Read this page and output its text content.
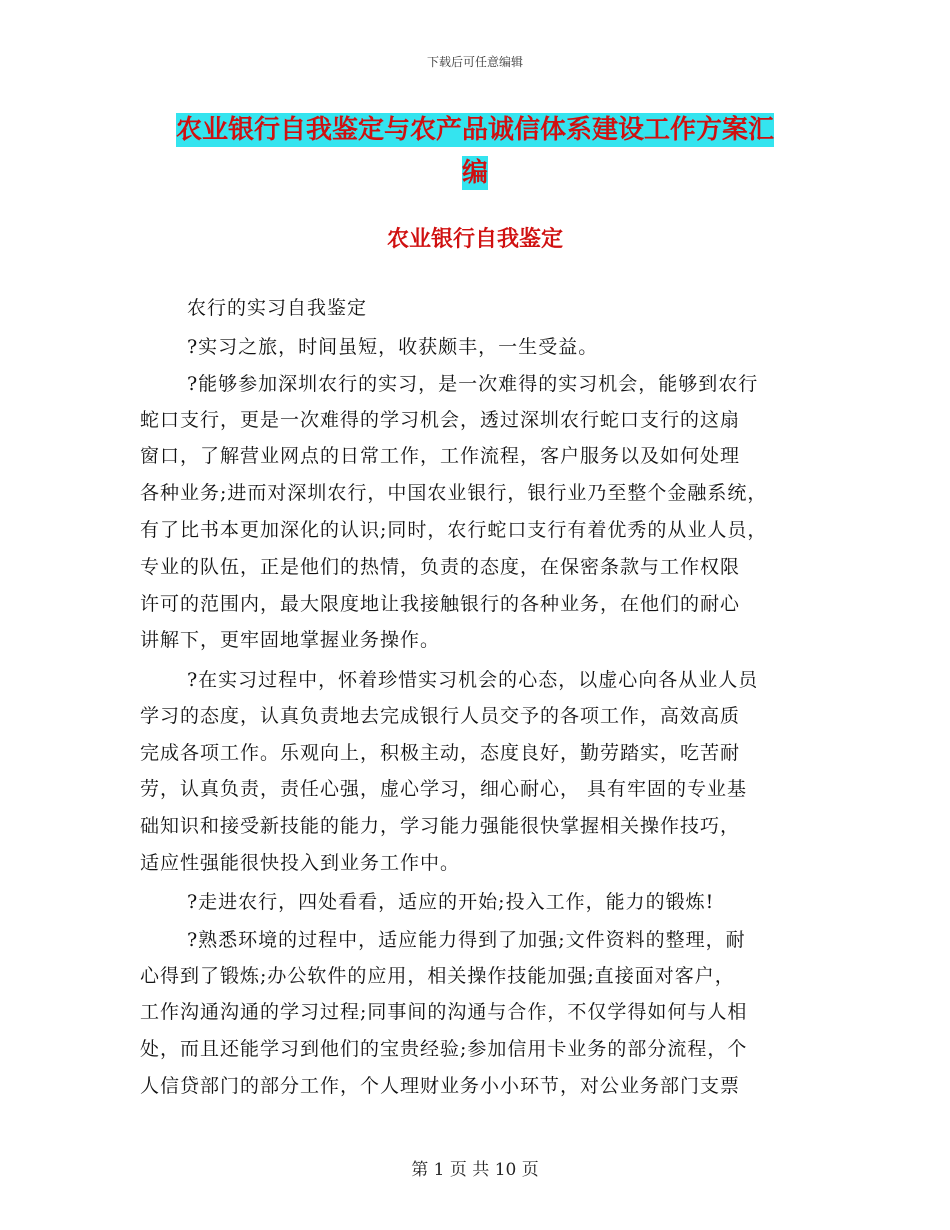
下载后可任意编辑
农业银行自我鉴定与农产品诚信体系建设工作方案汇
编
农业银行自我鉴定
农行的实习自我鉴定
?实习之旅，时间虽短，收获颇丰，一生受益。
?能够参加深圳农行的实习，是一次难得的实习机会，能够到农行
蛇口支行，更是一次难得的学习机会，透过深圳农行蛇口支行的这扇
窗口，了解营业网点的日常工作，工作流程，客户服务以及如何处理
各种业务;进而对深圳农行，中国农业银行，银行业乃至整个金融系统，
有了比书本更加深化的认识;同时，农行蛇口支行有着优秀的从业人员，
专业的队伍，正是他们的热情，负责的态度，在保密条款与工作权限
许可的范围内，最大限度地让我接触银行的各种业务，在他们的耐心
讲解下，更牢固地掌握业务操作。
?在实习过程中，怀着珍惜实习机会的心态，以虚心向各从业人员
学习的态度，认真负责地去完成银行人员交予的各项工作，高效高质
完成各项工作。乐观向上，积极主动，态度良好，勤劳踏实，吃苦耐
劳，认真负责，责任心强，虚心学习，细心耐心， 具有牢固的专业基
础知识和接受新技能的能力，学习能力强能很快掌握相关操作技巧，
适应性强能很快投入到业务工作中。
?走进农行，四处看看，适应的开始;投入工作，能力的锻炼!
?熟悉环境的过程中，适应能力得到了加强;文件资料的整理，耐
心得到了锻炼;办公软件的应用，相关操作技能加强;直接面对客户，
工作沟通沟通的学习过程;同事间的沟通与合作，不仅学得如何与人相
处，而且还能学习到他们的宝贵经验;参加信用卡业务的部分流程，个
人信贷部门的部分工作，个人理财业务小小环节，对公业务部门支票
第 1 页 共 10 页
